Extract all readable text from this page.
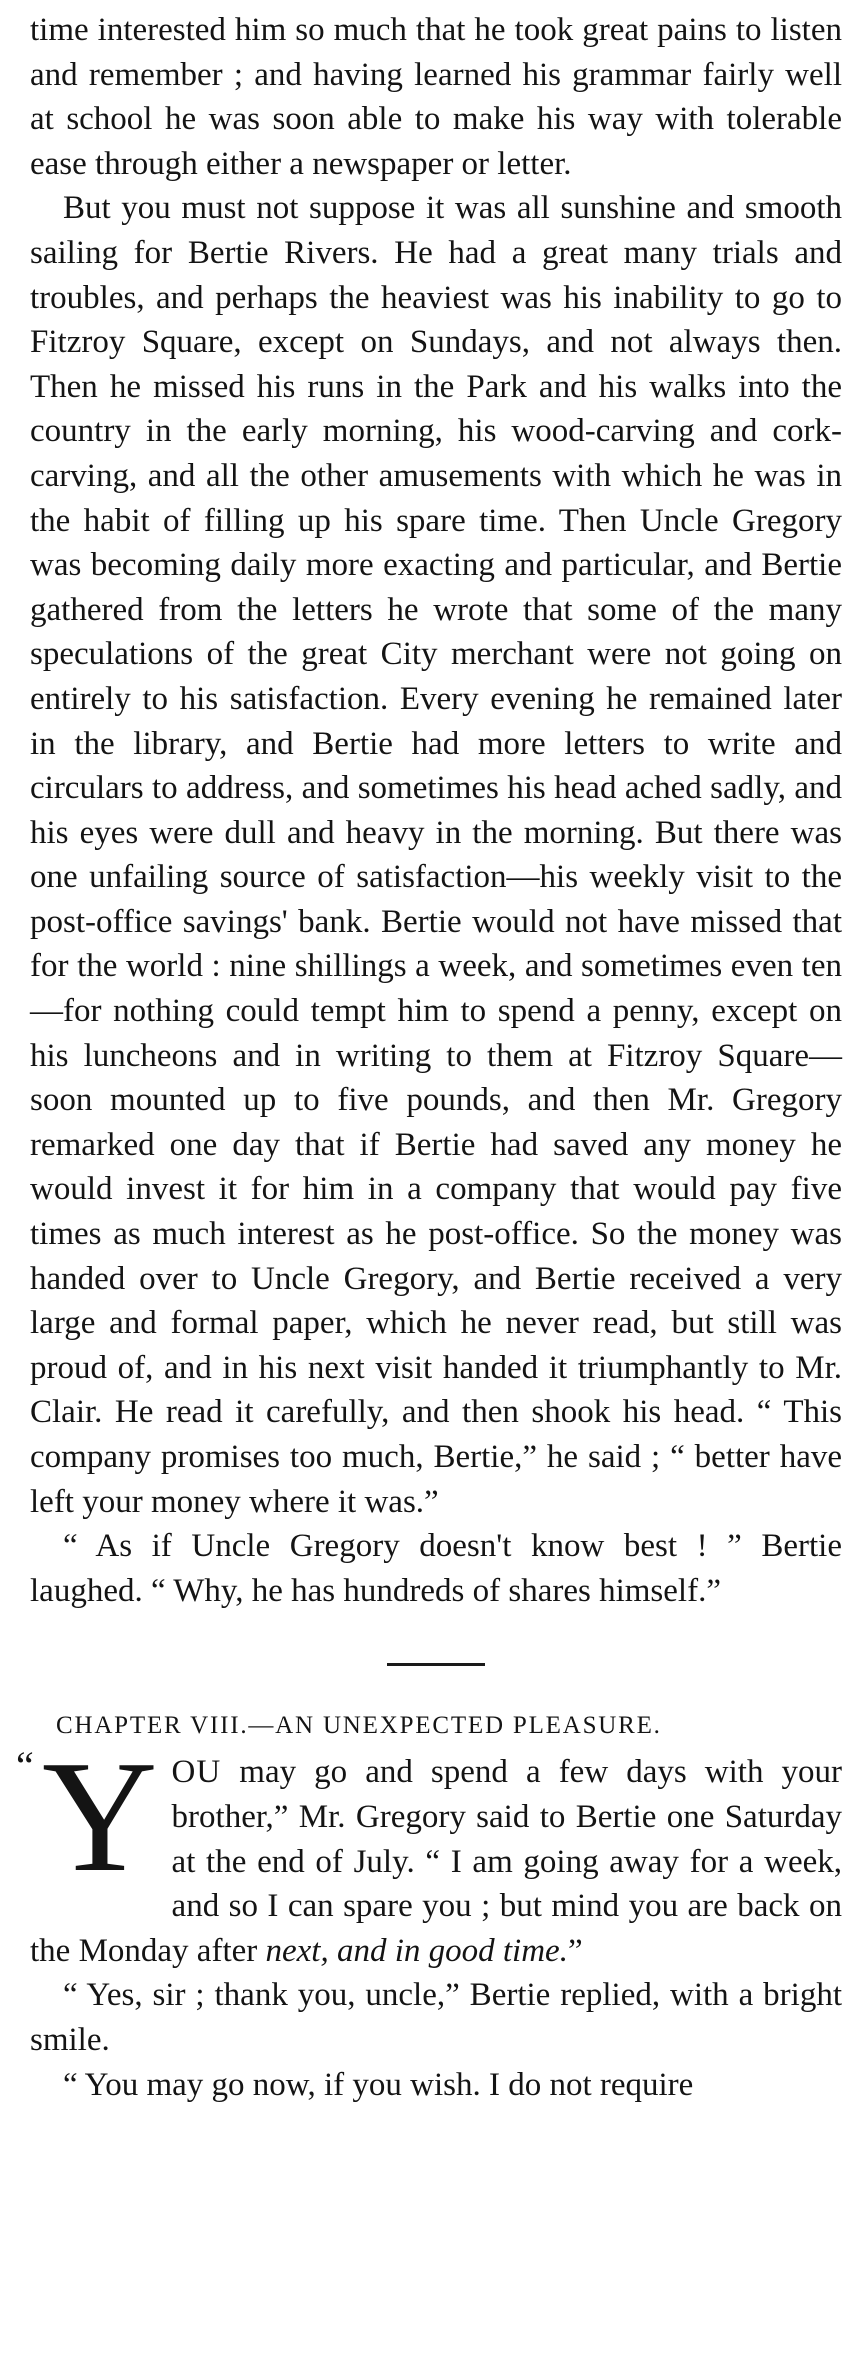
time interested him so much that he took great pains to listen and remember ; and having learned his grammar fairly well at school he was soon able to make his way with tolerable ease through either a newspaper or letter.

But you must not suppose it was all sunshine and smooth sailing for Bertie Rivers. He had a great many trials and troubles, and perhaps the heaviest was his inability to go to Fitzroy Square, except on Sundays, and not always then. Then he missed his runs in the Park and his walks into the country in the early morning, his wood-carving and cork-carving, and all the other amusements with which he was in the habit of filling up his spare time. Then Uncle Gregory was becoming daily more exacting and particular, and Bertie gathered from the letters he wrote that some of the many speculations of the great City merchant were not going on entirely to his satisfaction. Every evening he remained later in the library, and Bertie had more letters to write and circulars to address, and sometimes his head ached sadly, and his eyes were dull and heavy in the morning. But there was one unfailing source of satisfaction—his weekly visit to the post-office savings' bank. Bertie would not have missed that for the world : nine shillings a week, and sometimes even ten—for nothing could tempt him to spend a penny, except on his luncheons and in writing to them at Fitzroy Square—soon mounted up to five pounds, and then Mr. Gregory remarked one day that if Bertie had saved any money he would invest it for him in a company that would pay five times as much interest as he post-office. So the money was handed over to Uncle Gregory, and Bertie received a very large and formal paper, which he never read, but still was proud of, and in his next visit handed it triumphantly to Mr. Clair. He read it carefully, and then shook his head. “ This company promises too much, Bertie,” he said ; “ better have left your money where it was.”

“ As if Uncle Gregory doesn't know best ! ” Bertie laughed. “ Why, he has hundreds of shares himself.”

CHAPTER VIII.—AN UNEXPECTED PLEASURE.

“ Y OU may go and spend a few days with your brother,” Mr. Gregory said to Bertie one Saturday at the end of July. “ I am going away for a week, and so I can spare you ; but mind you are back on the Monday after next, and in good time.”

“ Yes, sir ; thank you, uncle,” Bertie replied, with a bright smile.

“ You may go now, if you wish. I do not require
